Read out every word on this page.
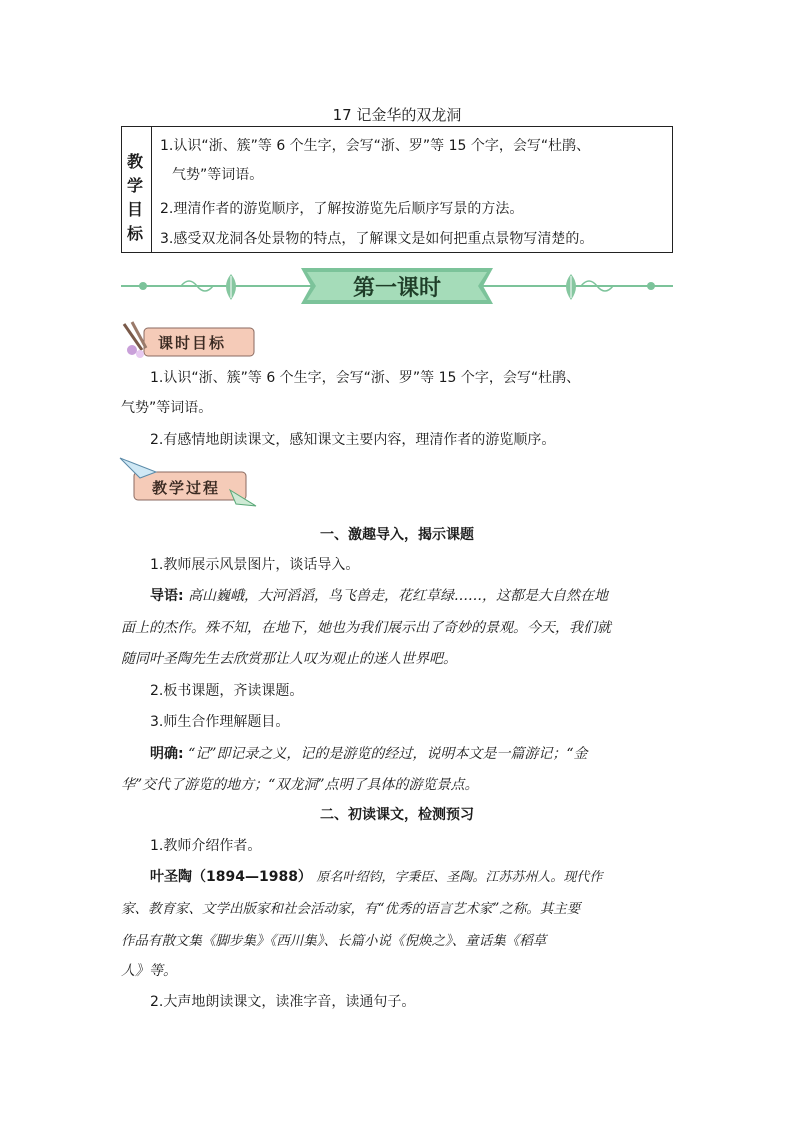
17 记金华的双龙洞
教
学
目
标
1.认识“浙、簇”等 6 个生字，会写“浙、罗”等 15 个字，会写“杜鹃、
气势”等词语。
2.理清作者的游览顺序，了解按游览先后顺序写景的方法。
3.感受双龙洞各处景物的特点，了解课文是如何把重点景物写清楚的。
第一课时
课时目标
1.认识“浙、簇”等 6 个生字，会写“浙、罗”等 15 个字，会写“杜鹃、
气势”等词语。
2.有感情地朗读课文，感知课文主要内容，理清作者的游览顺序。
教学过程
一、激趣导入，揭示课题
1.教师展示风景图片，谈话导入。
导语: 高山巍峨，大河滔滔，鸟飞兽走，花红草绿……，这都是大自然在地
面上的杰作。殊不知，在地下，她也为我们展示出了奇妙的景观。今天，我们就
随同叶圣陶先生去欣赏那让人叹为观止的迷人世界吧。
2.板书课题，齐读课题。
3.师生合作理解题目。
明确: “记”即记录之义，记的是游览的经过，说明本文是一篇游记；“金
华”交代了游览的地方；“双龙洞”点明了具体的游览景点。
二、初读课文，检测预习
1.教师介绍作者。
叶圣陶（1894—1988） 原名叶绍钧，字秉臣、圣陶。江苏苏州人。现代作
家、教育家、文学出版家和社会活动家，有“优秀的语言艺术家”之称。其主要
作品有散文集《脚步集》《西川集》、长篇小说《倪焕之》、童话集《稻草
人》等。
2.大声地朗读课文，读准字音，读通句子。
